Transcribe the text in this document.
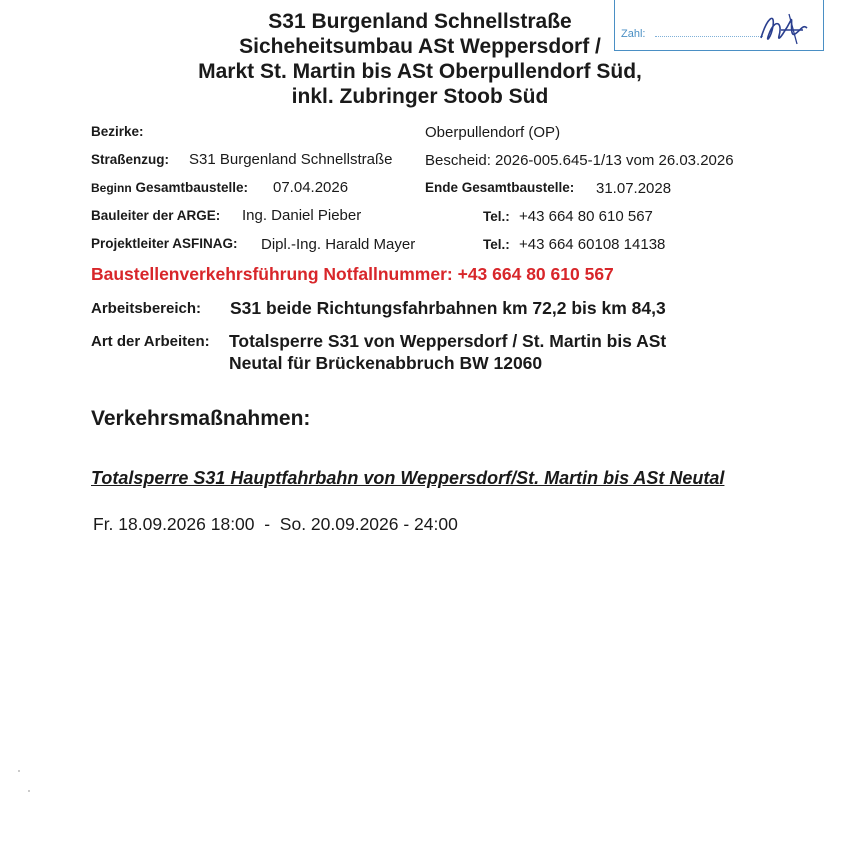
S31 Burgenland Schnellstraße
Sicheheitsumbau ASt Weppersdorf /
Markt St. Martin bis ASt Oberpullendorf Süd,
inkl. Zubringer Stoob Süd
Zahl:
Bezirke:	Oberpullendorf (OP)
Straßenzug: S31 Burgenland Schnellstraße Bescheid: 2026-005.645-1/13 vom 26.03.2026
Beginn Gesamtbaustelle: 07.04.2026	Ende Gesamtbaustelle: 31.07.2028
Bauleiter der ARGE: Ing. Daniel Pieber	Tel.: +43 664 80 610 567
Projektleiter ASFINAG: Dipl.-Ing. Harald Mayer	Tel.: +43 664 60108 14138
Baustellenverkehrsführung Notfallnummer: +43 664 80 610 567
Arbeitsbereich: S31 beide Richtungsfahrbahnen km 72,2 bis km 84,3
Art der Arbeiten: Totalsperre S31 von Weppersdorf / St. Martin bis ASt
Neutal für Brückenabbruch BW 12060
Verkehrsmaßnahmen:
Totalsperre S31 Hauptfahrbahn von Weppersdorf/St. Martin bis ASt Neutal
Fr. 18.09.2026 18:00  -  So. 20.09.2026 - 24:00
